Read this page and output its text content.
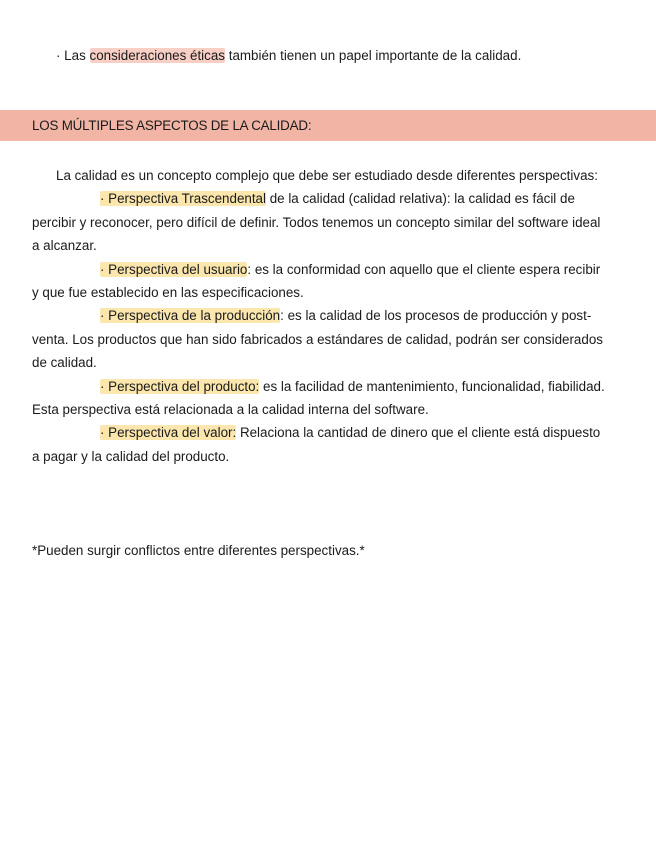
· Las consideraciones éticas también tienen un papel importante de la calidad.
LOS MÚLTIPLES ASPECTOS DE LA CALIDAD:

La calidad es un concepto complejo que debe ser estudiado desde diferentes perspectivas:

· Perspectiva Trascendental de la calidad (calidad relativa): la calidad es fácil de percibir y reconocer, pero difícil de definir. Todos tenemos un concepto similar del software ideal a alcanzar.

· Perspectiva del usuario: es la conformidad con aquello que el cliente espera recibir y que fue establecido en las especificaciones.

· Perspectiva de la producción: es la calidad de los procesos de producción y post-venta. Los productos que han sido fabricados a estándares de calidad, podrán ser considerados de calidad.

· Perspectiva del producto: es la facilidad de mantenimiento, funcionalidad, fiabilidad. Esta perspectiva está relacionada a la calidad interna del software.

· Perspectiva del valor: Relaciona la cantidad de dinero que el cliente está dispuesto a pagar y la calidad del producto.

*Pueden surgir conflictos entre diferentes perspectivas.*
